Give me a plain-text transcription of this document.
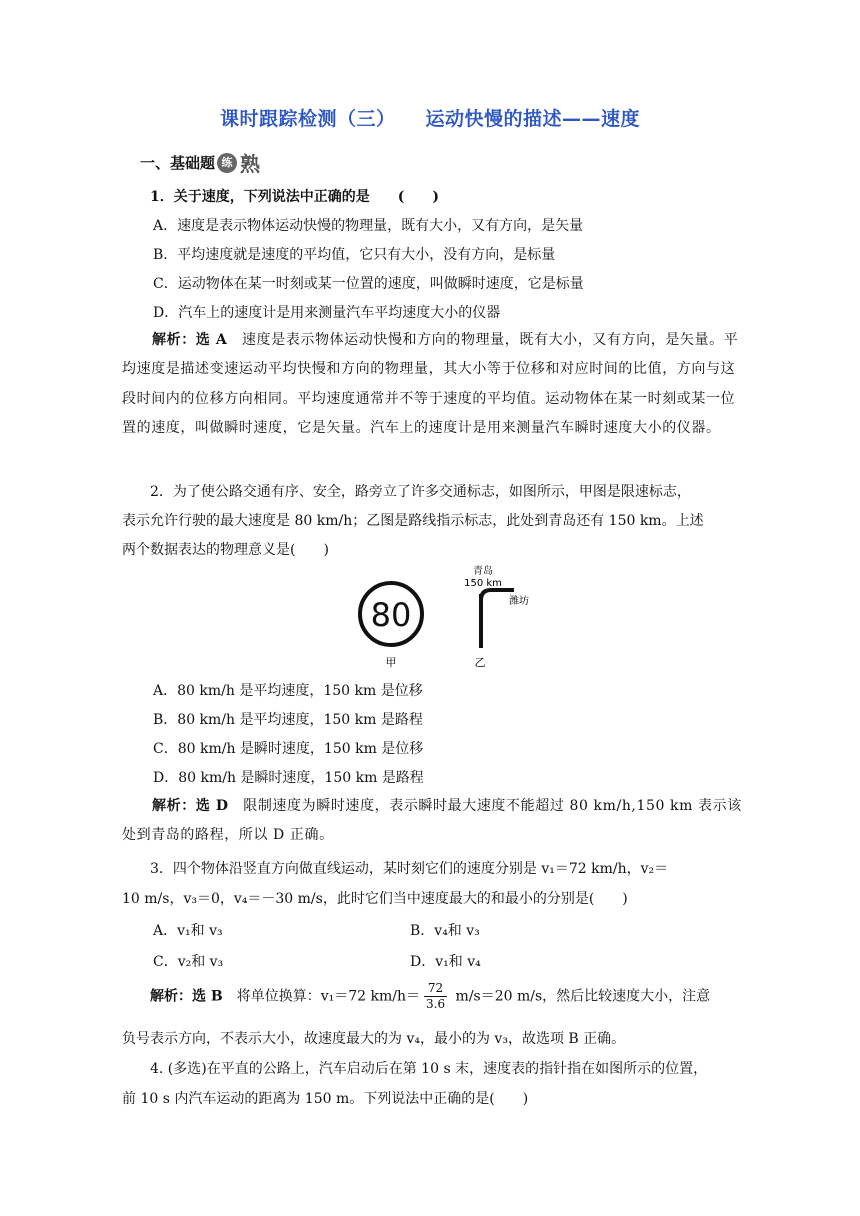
课时跟踪检测（三） 运动快慢的描述——速度
一、基础题 练 熟
1．关于速度，下列说法中正确的是　　(　　)
A．速度是表示物体运动快慢的物理量，既有大小，又有方向，是矢量
B．平均速度就是速度的平均值，它只有大小，没有方向，是标量
C．运动物体在某一时刻或某一位置的速度，叫做瞬时速度，它是标量
D．汽车上的速度计是用来测量汽车平均速度大小的仪器
解析：选 A　速度是表示物体运动快慢和方向的物理量，既有大小，又有方向，是矢量。平均速度是描述变速运动平均快慢和方向的物理量，其大小等于位移和对应时间的比值，方向与这段时间内的位移方向相同。平均速度通常并不等于速度的平均值。运动物体在某一时刻或某一位置的速度，叫做瞬时速度，它是矢量。汽车上的速度计是用来测量汽车瞬时速度大小的仪器。
2．为了使公路交通有序、安全，路旁立了许多交通标志，如图所示，甲图是限速标志，
表示允许行驶的最大速度是 80 km/h；乙图是路线指示标志，此处到青岛还有 150 km。上述
两个数据表达的物理意义是(　　)
80
甲
青岛
150 km
潍坊
乙
A．80 km/h 是平均速度，150 km 是位移
B．80 km/h 是平均速度，150 km 是路程
C．80 km/h 是瞬时速度，150 km 是位移
D．80 km/h 是瞬时速度，150 km 是路程
解析：选 D　限制速度为瞬时速度，表示瞬时最大速度不能超过 80 km/h,150 km 表示该处到青岛的路程，所以 D 正确。
3．四个物体沿竖直方向做直线运动，某时刻它们的速度分别是 v₁＝72 km/h，v₂＝
10 m/s，v₃＝0，v₄＝－30 m/s，此时它们当中速度最大的和最小的分别是(　　)
A．v₁和 v₃	B．v₄和 v₃
C．v₂和 v₃	D．v₁和 v₄
解析：选 B　将单位换算：v₁＝72 $km/h= \frac{72}{3.6} m/s=20$ m/s，然后比较速度大小，注意
负号表示方向，不表示大小，故速度最大的为 v₄，最小的为 v₃，故选项 B 正确。
4. (多选)在平直的公路上，汽车启动后在第 10 s 末，速度表的指针指在如图所示的位置，
前 10 s 内汽车运动的距离为 150 m。下列说法中正确的是(　　)
